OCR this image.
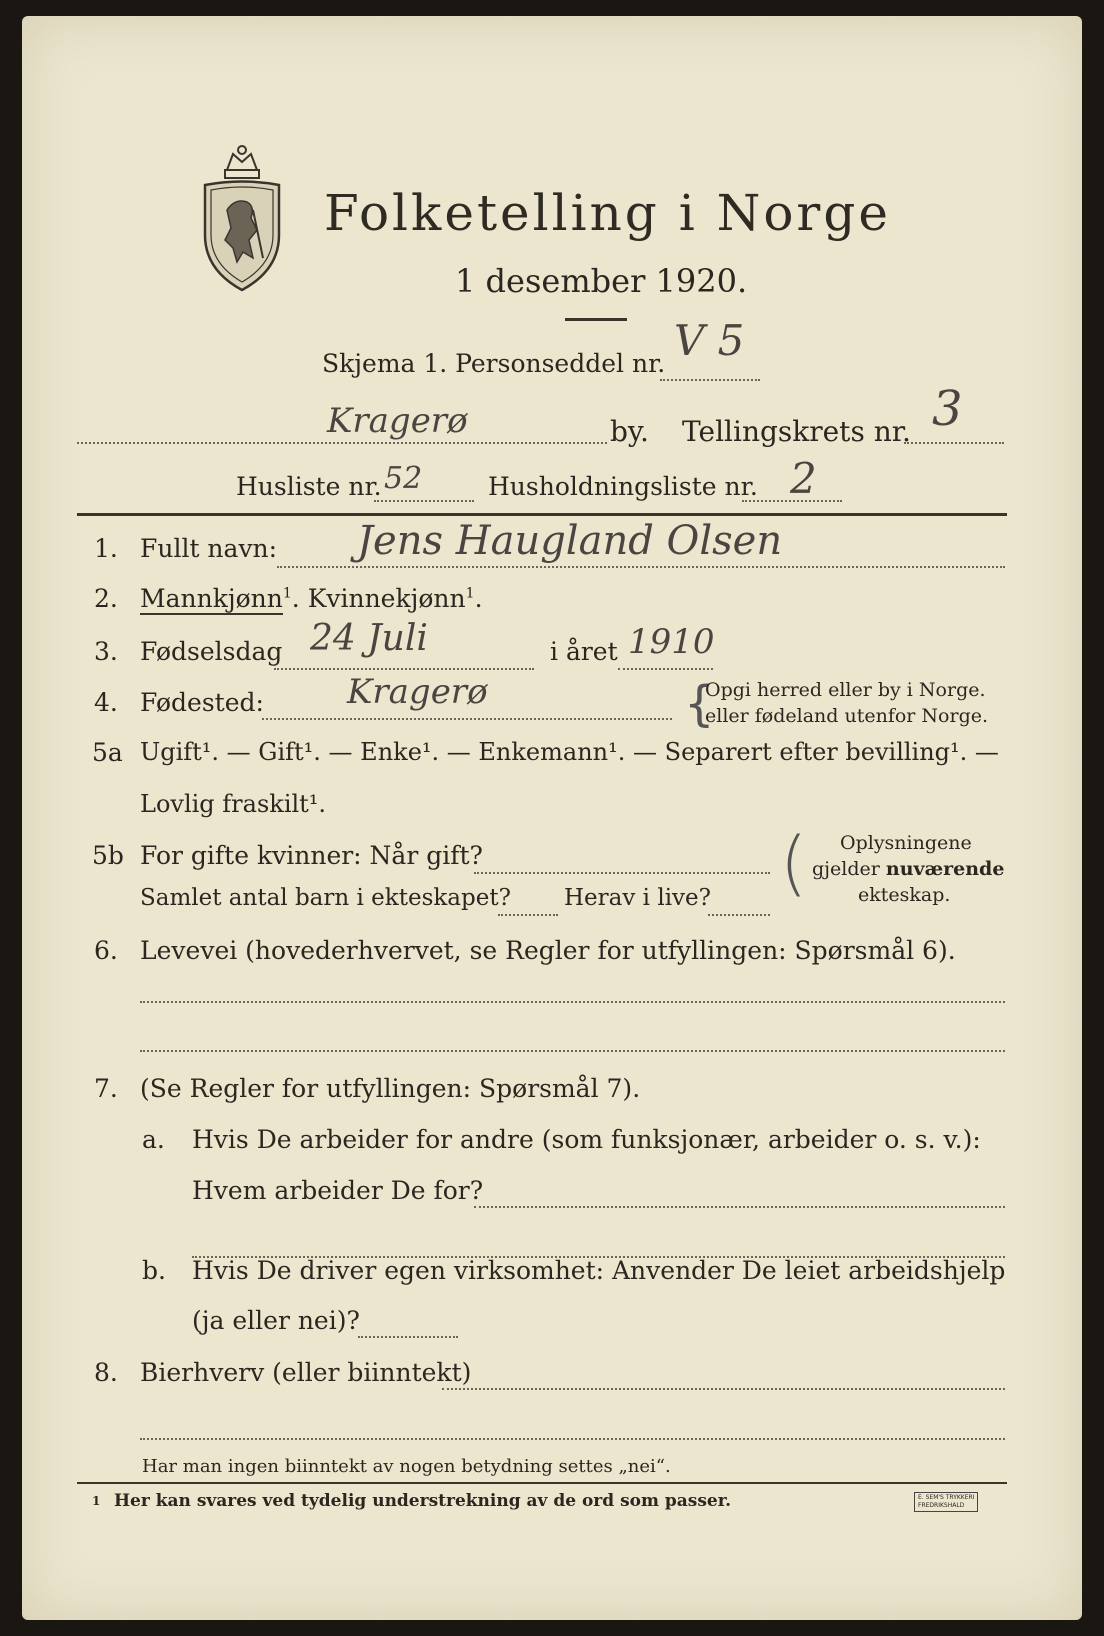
Folketelling i Norge
1 desember 1920.
Skjema 1. Personseddel nr. V 5
Kragerø	by. Tellingskrets nr. 3
Husliste nr. 52	Husholdningsliste nr. 2
1. Fullt navn: Jens Haugland Olsen
2. Mannkjønn$^1$. Kvinnekjønn$^1$.
3. Fødselsdag 24 Juli	i året 1910
4. Fødested: Kragerø	{
Opgi herred eller by i Norge.
eller fødeland utenfor Norge.
5a Ugift¹. — Gift¹. — Enke¹. — Enkemann¹. — Separert efter bevilling¹. —
Lovlig fraskilt¹.
5b For gifte kvinner: Når gift?
Samlet antal barn i ekteskapet? Herav i live? ( Oplysningene
gjelder nuværende
ekteskap.
6. Levevei (hovederhvervet, se Regler for utfyllingen: Spørsmål 6).
7. (Se Regler for utfyllingen: Spørsmål 7).
a. Hvis De arbeider for andre (som funksjonær, arbeider o. s. v.):
Hvem arbeider De for?
b. Hvis De driver egen virksomhet: Anvender De leiet arbeidshjelp
(ja eller nei)?
8. Bierhverv (eller biinntekt)
Har man ingen biinntekt av nogen betydning settes „nei“.
1 Her kan svares ved tydelig understrekning av de ord som passer.	E. SEM'S TRYKKERI
FREDRIKSHALD
